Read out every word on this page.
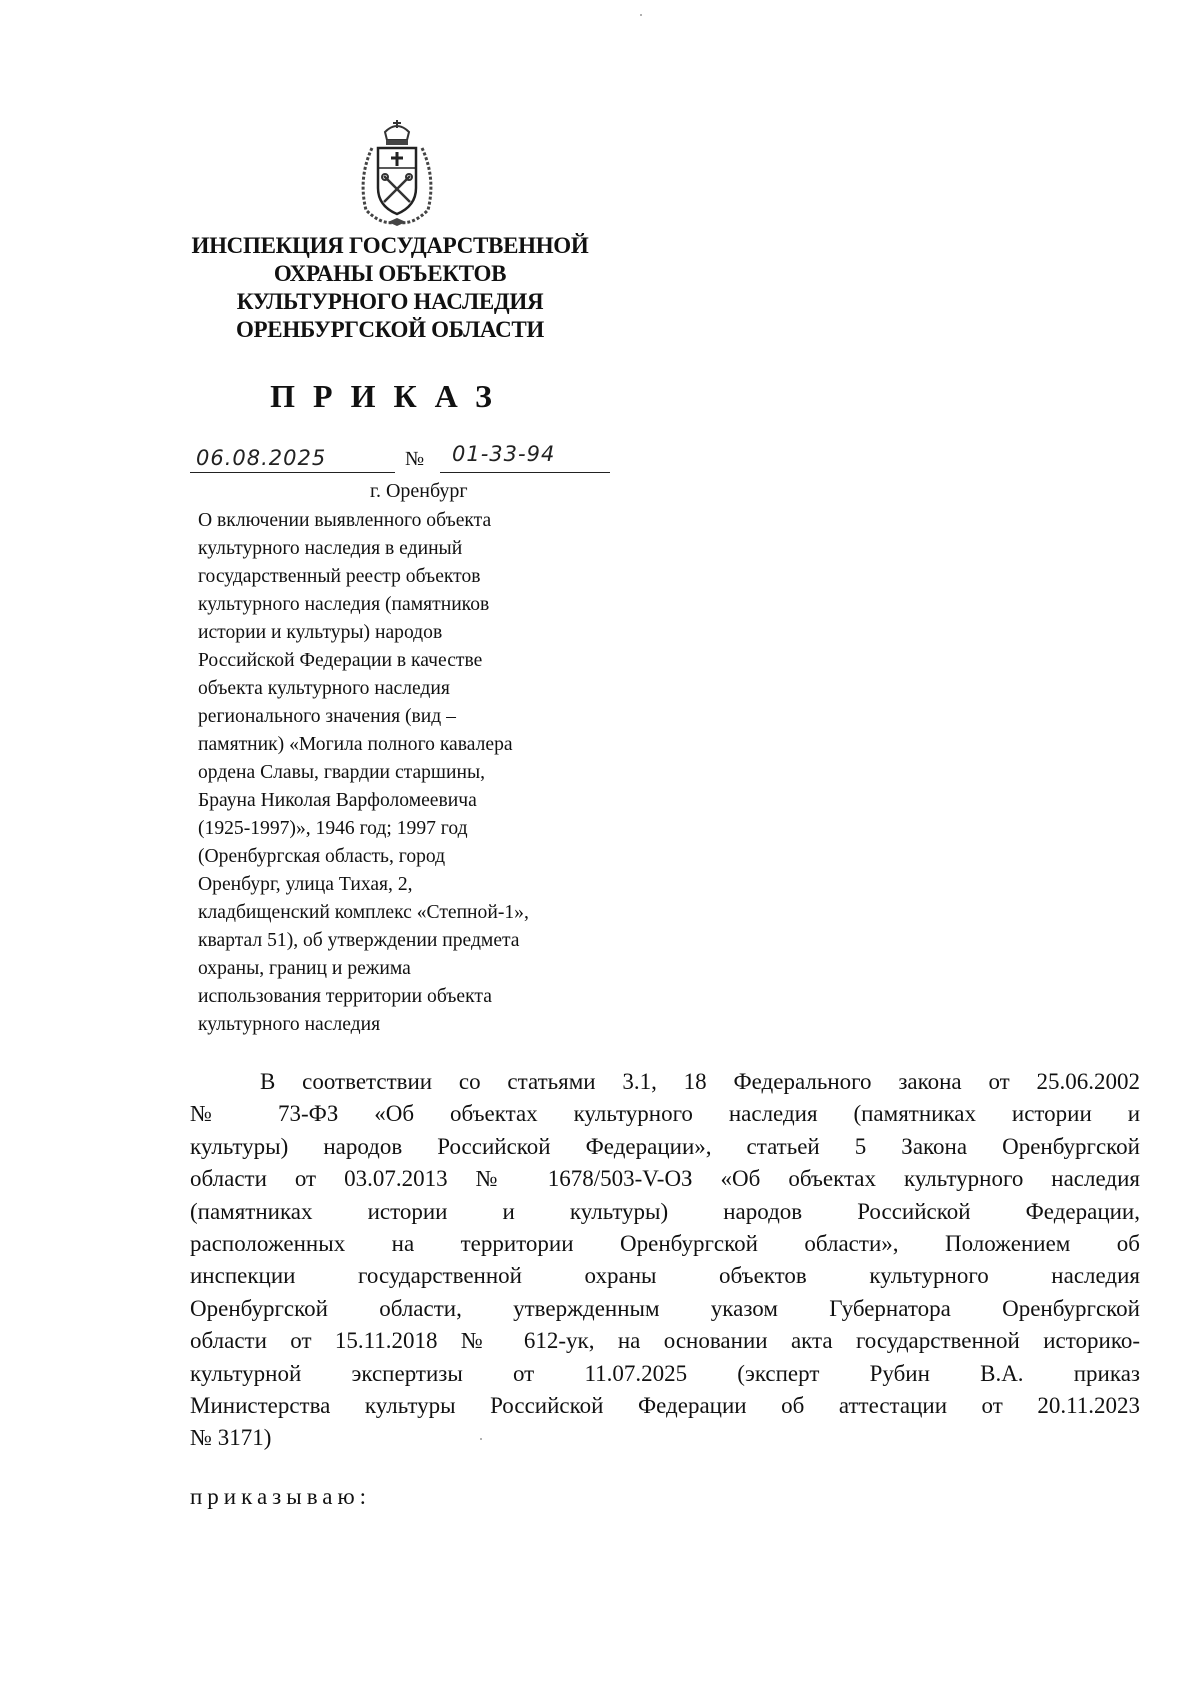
ИНСПЕКЦИЯ ГОСУДАРСТВЕННОЙ
ОХРАНЫ ОБЪЕКТОВ
КУЛЬТУРНОГО НАСЛЕДИЯ
ОРЕНБУРГСКОЙ ОБЛАСТИ
ПРИКАЗ
06.08.2025	№ 01-33-94
г. Оренбург
О включении выявленного объекта
культурного наследия в единый
государственный реестр объектов
культурного наследия (памятников
истории и культуры) народов
Российской Федерации в качестве
объекта культурного наследия
регионального значения (вид –
памятник) «Могила полного кавалера
ордена Славы, гвардии старшины,
Брауна Николая Варфоломеевича
(1925-1997)», 1946 год; 1997 год
(Оренбургская область, город
Оренбург, улица Тихая, 2,
кладбищенский комплекс «Степной-1»,
квартал 51), об утверждении предмета
охраны, границ и режима
использования территории объекта
культурного наследия
В соответствии со статьями 3.1, 18 Федерального закона от 25.06.2002
№ 73-ФЗ «Об объектах культурного наследия (памятниках истории и
культуры) народов Российской Федерации», статьей 5 Закона Оренбургской
области от 03.07.2013 № 1678/503-V-ОЗ «Об объектах культурного наследия
(памятниках истории и культуры) народов Российской Федерации,
расположенных на территории Оренбургской области», Положением об
инспекции государственной охраны объектов культурного наследия
Оренбургской области, утвержденным указом Губернатора Оренбургской
области от 15.11.2018 № 612-ук, на основании акта государственной историко-
культурной экспертизы от 11.07.2025 (эксперт Рубин В.А. приказ
Министерства культуры Российской Федерации об аттестации от 20.11.2023
№ 3171)
приказываю:
